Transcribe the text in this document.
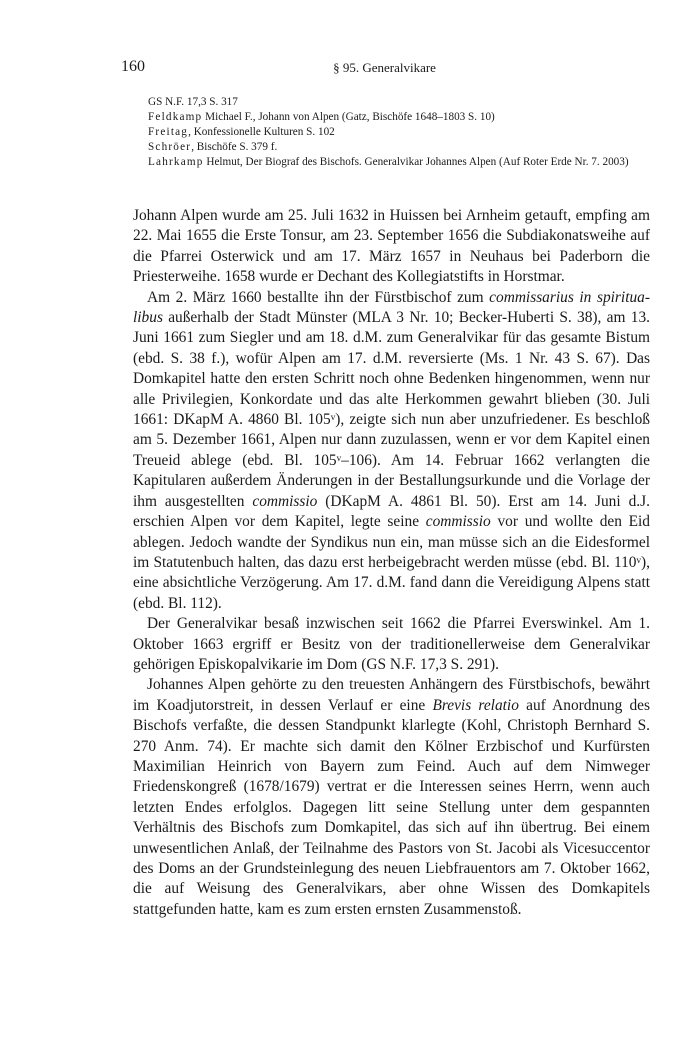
160	§ 95. Generalvikare
GS N.F. 17,3 S. 317
Feldkamp Michael F., Johann von Alpen (Gatz, Bischöfe 1648–1803 S. 10)
Freitag, Konfessionelle Kulturen S. 102
Schröer, Bischöfe S. 379 f.
Lahrkamp Helmut, Der Biograf des Bischofs. Generalvikar Johannes Alpen (Auf Roter Erde Nr. 7. 2003)

Johann Alpen wurde am 25. Juli 1632 in Huissen bei Arnheim getauft, empfing am 22. Mai 1655 die Erste Tonsur, am 23. September 1656 die Subdiakonatsweihe auf die Pfarrei Osterwick und am 17. März 1657 in Neuhaus bei Paderborn die Priesterweihe. 1658 wurde er Dechant des Kollegiatstifts in Horstmar.

Am 2. März 1660 bestallte ihn der Fürstbischof zum commissarius in spiritualibus außerhalb der Stadt Münster (MLA 3 Nr. 10; Becker-Huberti S. 38), am 13. Juni 1661 zum Siegler und am 18. d.M. zum Generalvikar für das gesamte Bistum (ebd. S. 38 f.), wofür Alpen am 17. d.M. reversierte (Ms. 1 Nr. 43 S. 67). Das Domkapitel hatte den ersten Schritt noch ohne Bedenken hingenommen, wenn nur alle Privilegien, Konkordate und das alte Herkommen gewahrt blieben (30. Juli 1661: DKapM A. 4860 Bl. 105ᵛ), zeigte sich nun aber unzufriedener. Es beschloß am 5. Dezember 1661, Alpen nur dann zuzulassen, wenn er vor dem Kapitel einen Treueid ablege (ebd. Bl. 105ᵛ–106). Am 14. Februar 1662 verlangten die Kapitularen außerdem Änderungen in der Bestallungsurkunde und die Vorlage der ihm ausgestellten commissio (DKapM A. 4861 Bl. 50). Erst am 14. Juni d.J. erschien Alpen vor dem Kapitel, legte seine commissio vor und wollte den Eid ablegen. Jedoch wandte der Syndikus nun ein, man müsse sich an die Eidesformel im Statutenbuch halten, das dazu erst herbeigebracht werden müsse (ebd. Bl. 110ᵛ), eine absichtliche Verzögerung. Am 17. d.M. fand dann die Vereidigung Alpens statt (ebd. Bl. 112).

Der Generalvikar besaß inzwischen seit 1662 die Pfarrei Everswinkel. Am 1. Oktober 1663 ergriff er Besitz von der traditionellerweise dem Generalvikar gehörigen Episkopalvikarie im Dom (GS N.F. 17,3 S. 291).

Johannes Alpen gehörte zu den treuesten Anhängern des Fürstbischofs, bewährt im Koadjutorstreit, in dessen Verlauf er eine Brevis relatio auf Anordnung des Bischofs verfaßte, die dessen Standpunkt klarlegte (Kohl, Christoph Bernhard S. 270 Anm. 74). Er machte sich damit den Kölner Erzbischof und Kurfürsten Maximilian Heinrich von Bayern zum Feind. Auch auf dem Nimweger Friedenskongreß (1678/1679) vertrat er die Interessen seines Herrn, wenn auch letzten Endes erfolglos. Dagegen litt seine Stellung unter dem gespannten Verhältnis des Bischofs zum Domkapitel, das sich auf ihn übertrug. Bei einem unwesentlichen Anlaß, der Teilnahme des Pastors von St. Jacobi als Vicesuccentor des Doms an der Grundsteinlegung des neuen Liebfrauentors am 7. Oktober 1662, die auf Weisung des Generalvikars, aber ohne Wissen des Domkapitels stattgefunden hatte, kam es zum ersten ernsten Zusammenstoß.
